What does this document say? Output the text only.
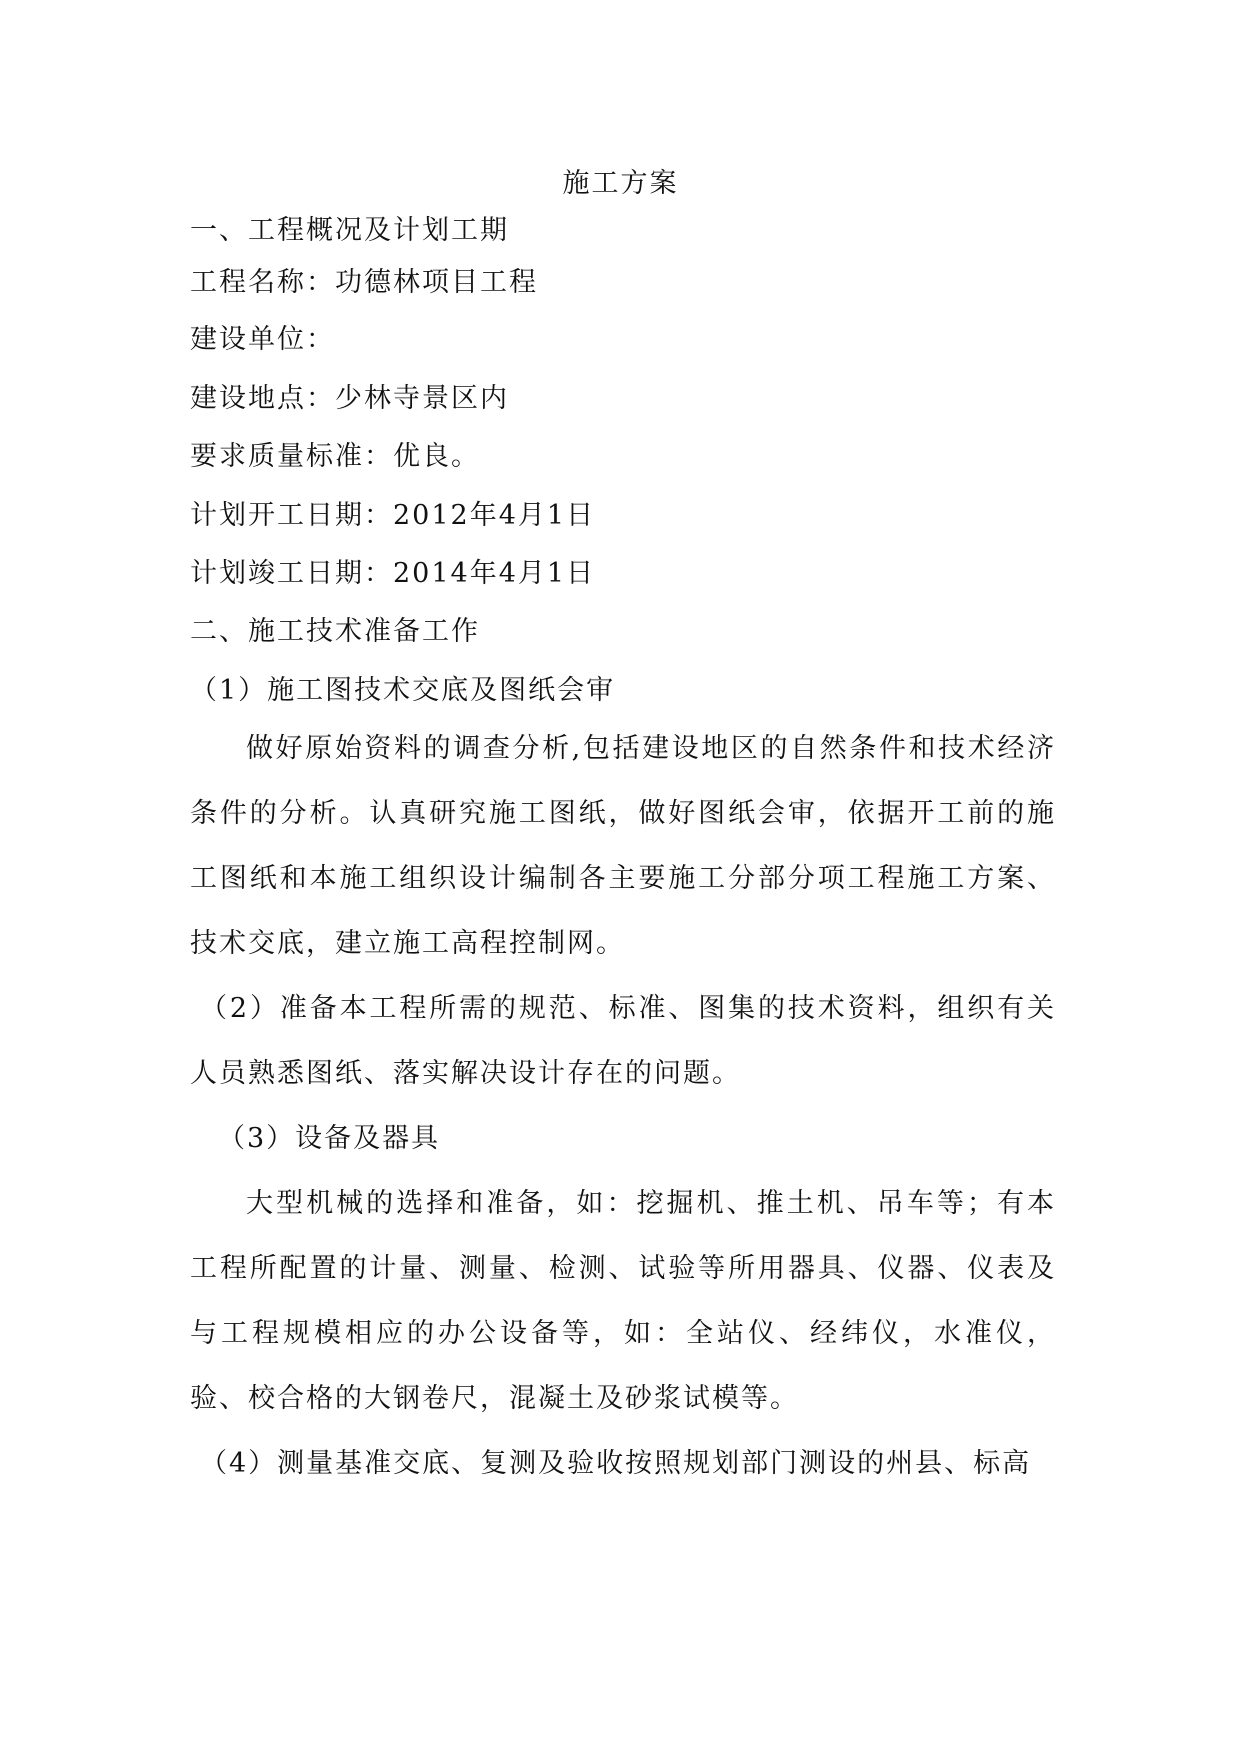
施工方案
一、工程概况及计划工期
工程名称：功德林项目工程
建设单位：
建设地点：少林寺景区内
要求质量标准：优良。
计划开工日期：2012年4月1日
计划竣工日期：2014年4月1日
二、施工技术准备工作
（1）施工图技术交底及图纸会审
做好原始资料的调查分析,包括建设地区的自然条件和技术经济条件的分析。认真研究施工图纸，做好图纸会审，依据开工前的施工图纸和本施工组织设计编制各主要施工分部分项工程施工方案、技术交底，建立施工高程控制网。
（2）准备本工程所需的规范、标准、图集的技术资料，组织有关人员熟悉图纸、落实解决设计存在的问题。
（3）设备及器具
大型机械的选择和准备，如：挖掘机、推土机、吊车等；有本工程所配置的计量、测量、检测、试验等所用器具、仪器、仪表及与工程规模相应的办公设备等，如：全站仪、经纬仪，水准仪，验、校合格的大钢卷尺，混凝土及砂浆试模等。
（4）测量基准交底、复测及验收按照规划部门测设的州县、标高
